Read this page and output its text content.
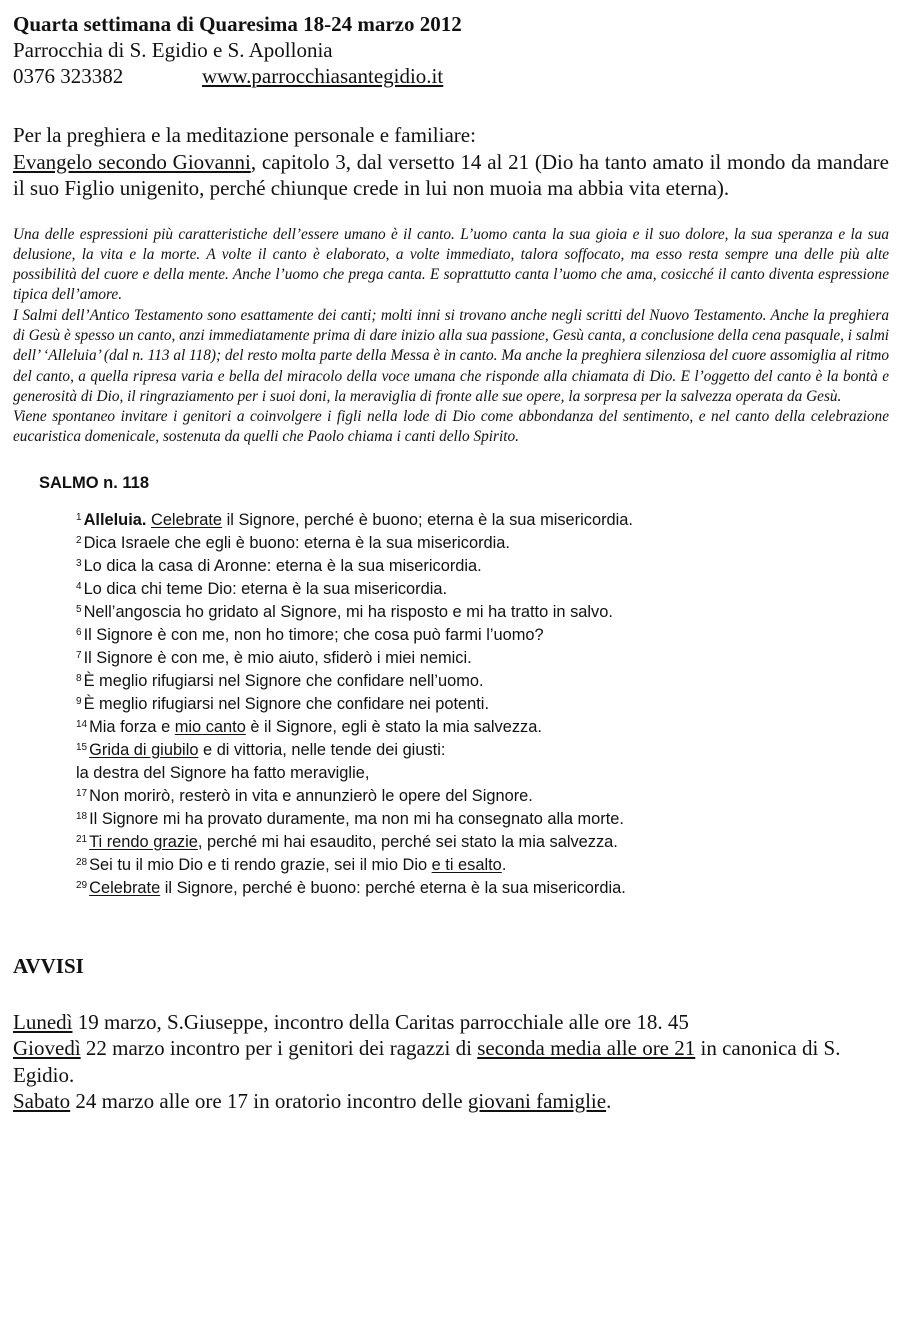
Quarta settimana di Quaresima 18-24 marzo 2012

Parrocchia di S. Egidio e S. Apollonia

0376 323382	www.parrocchiasantegidio.it

Per la preghiera e la meditazione personale e familiare:

Evangelo secondo Giovanni, capitolo 3, dal versetto 14 al 21 (Dio ha tanto amato il mondo da mandare il suo Figlio unigenito, perché chiunque crede in lui non muoia ma abbia vita eterna).

Una delle espressioni più caratteristiche dell’essere umano è il canto. L’uomo canta la sua gioia e il suo dolore, la sua speranza e la sua delusione, la vita e la morte. A volte il canto è elaborato, a volte immediato, talora soffocato, ma esso resta sempre una delle più alte possibilità del cuore e della mente. Anche l’uomo che prega canta. E soprattutto canta l’uomo che ama, cosicché il canto diventa espressione tipica dell’amore.

I Salmi dell’Antico Testamento sono esattamente dei canti; molti inni si trovano anche negli scritti del Nuovo Testamento. Anche la preghiera di Gesù è spesso un canto, anzi immediatamente prima di dare inizio alla sua passione, Gesù canta, a conclusione della cena pasquale, i salmi dell’ ‘Alleluia’ (dal n. 113 al 118); del resto molta parte della Messa è in canto. Ma anche la preghiera silenziosa del cuore assomiglia al ritmo del canto, a quella ripresa varia e bella del miracolo della voce umana che risponde alla chiamata di Dio. E l’oggetto del canto è la bontà e generosità di Dio, il ringraziamento per i suoi doni, la meraviglia di fronte alle sue opere, la sorpresa per la salvezza operata da Gesù.

Viene spontaneo invitare i genitori a coinvolgere i figli nella lode di Dio come abbondanza del sentimento, e nel canto della celebrazione eucaristica domenicale, sostenuta da quelli che Paolo chiama i canti dello Spirito.

SALMO n. 118
$^1$ Alleluia. Celebrate il Signore, perché è buono; eterna è la sua misericordia.
$^2$ Dica Israele che egli è buono: eterna è la sua misericordia.
$^3$ Lo dica la casa di Aronne: eterna è la sua misericordia.
$^4$ Lo dica chi teme Dio: eterna è la sua misericordia.
$^5$ Nell’angoscia ho gridato al Signore, mi ha risposto e mi ha tratto in salvo.
$^6$ Il Signore è con me, non ho timore; che cosa può farmi l’uomo?
$^7$ Il Signore è con me, è mio aiuto, sfiderò i miei nemici.
$^8$ È meglio rifugiarsi nel Signore che confidare nell’uomo.
$^9$ È meglio rifugiarsi nel Signore che confidare nei potenti.
$^{14}$ Mia forza e mio canto è il Signore, egli è stato la mia salvezza.
$^{15}$ Grida di giubilo e di vittoria, nelle tende dei giusti:
la destra del Signore ha fatto meraviglie,
$^{17}$ Non morirò, resterò in vita e annunzierò le opere del Signore.
$^{18}$ Il Signore mi ha provato duramente, ma non mi ha consegnato alla morte.
$^{21}$ Ti rendo grazie, perché mi hai esaudito, perché sei stato la mia salvezza.
$^{28}$ Sei tu il mio Dio e ti rendo grazie, sei il mio Dio e ti esalto.
$^{29}$ Celebrate il Signore, perché è buono: perché eterna è la sua misericordia.
AVVISI

Lunedì 19 marzo, S.Giuseppe, incontro della Caritas parrocchiale alle ore 18. 45

Giovedì 22 marzo incontro per i genitori dei ragazzi di seconda media alle ore 21 in canonica di S. Egidio.

Sabato 24 marzo alle ore 17 in oratorio incontro delle giovani famiglie.
